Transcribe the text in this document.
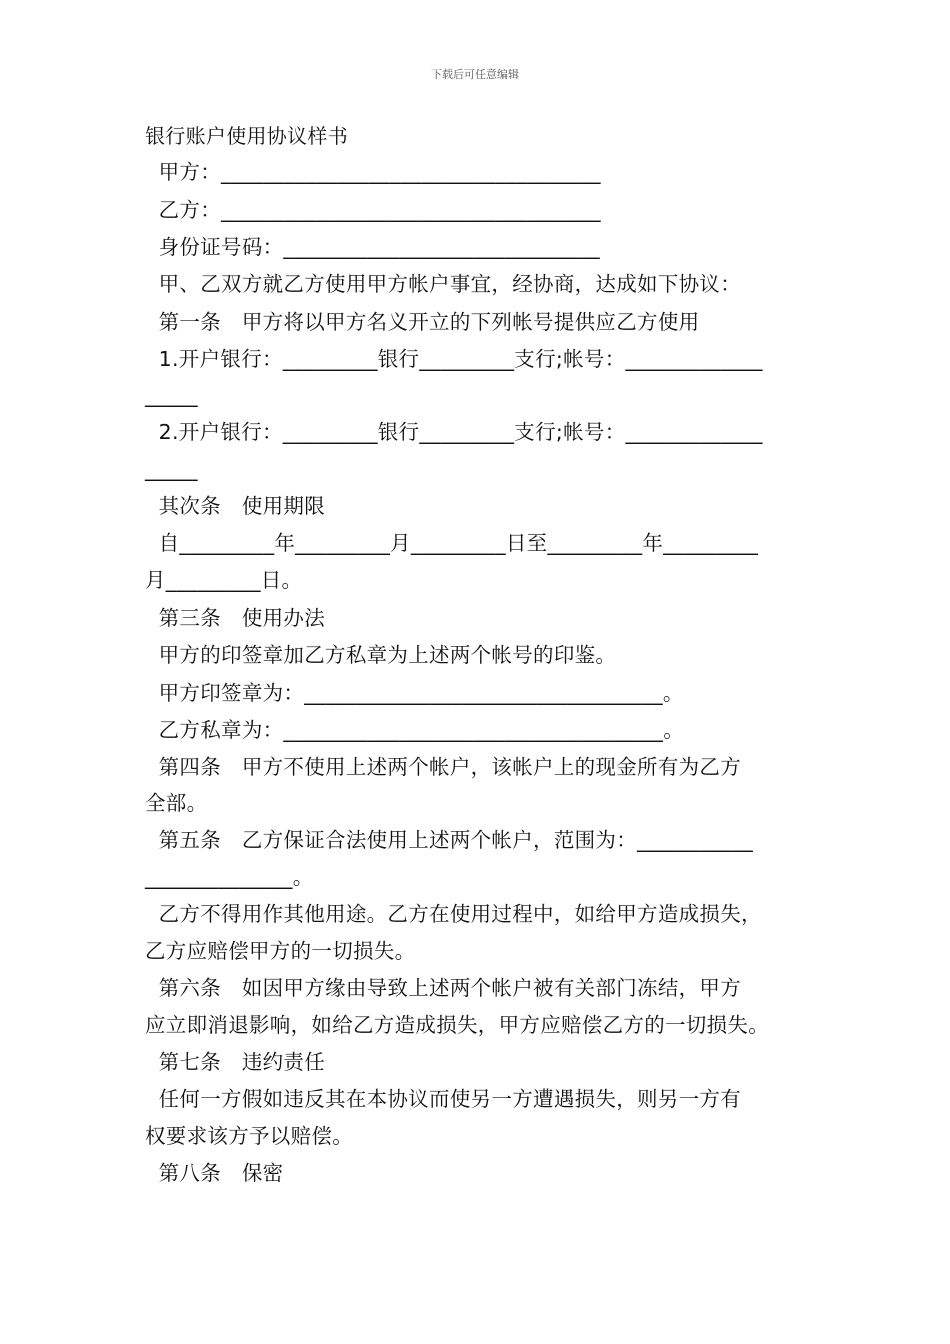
下载后可任意编辑
银行账户使用协议样书
甲方：____________________________________
乙方：____________________________________
身份证号码：______________________________
甲、乙双方就乙方使用甲方帐户事宜，经协商，达成如下协议：
第一条　甲方将以甲方名义开立的下列帐号提供应乙方使用
1.开户银行：_________银行_________支行;帐号：_____________
_____
2.开户银行：_________银行_________支行;帐号：_____________
_____
其次条　使用期限
自_________年_________月_________日至_________年_________
月_________日。
第三条　使用办法
甲方的印签章加乙方私章为上述两个帐号的印鉴。
甲方印签章为：__________________________________。
乙方私章为：____________________________________。
第四条　甲方不使用上述两个帐户，该帐户上的现金所有为乙方
全部。
第五条　乙方保证合法使用上述两个帐户，范围为：___________
______________。
乙方不得用作其他用途。乙方在使用过程中，如给甲方造成损失，
乙方应赔偿甲方的一切损失。
第六条　如因甲方缘由导致上述两个帐户被有关部门冻结，甲方
应立即消退影响，如给乙方造成损失，甲方应赔偿乙方的一切损失。
第七条　违约责任
任何一方假如违反其在本协议而使另一方遭遇损失，则另一方有
权要求该方予以赔偿。
第八条　保密
